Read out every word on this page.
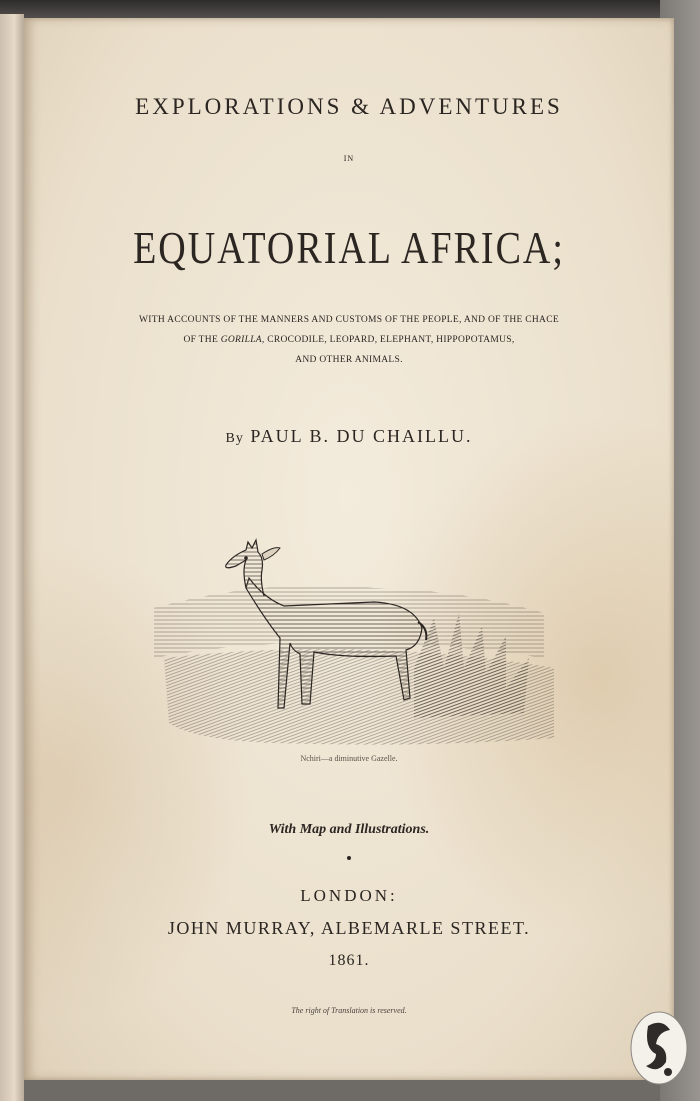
EXPLORATIONS & ADVENTURES
IN
EQUATORIAL AFRICA;
WITH ACCOUNTS OF THE MANNERS AND CUSTOMS OF THE PEOPLE, AND OF THE CHACE
OF THE GORILLA, CROCODILE, LEOPARD, ELEPHANT, HIPPOPOTAMUS,
AND OTHER ANIMALS.
By PAUL B. DU CHAILLU.
Nchiri—a diminutive Gazelle.
With Map and Illustrations.
LONDON:
JOHN MURRAY, ALBEMARLE STREET.
1861.
The right of Translation is reserved.
